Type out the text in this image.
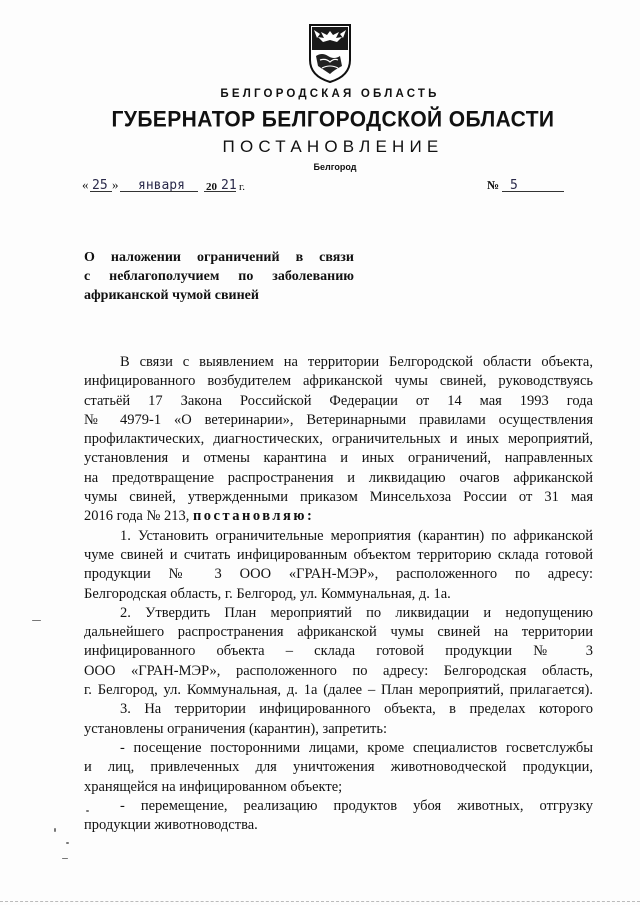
БЕЛГОРОДСКАЯ ОБЛАСТЬ
ГУБЕРНАТОР БЕЛГОРОДСКОЙ ОБЛАСТИ
ПОСТАНОВЛЕНИЕ
Белгород
« 25 » января 20 21 г.	№ 5
О наложении ограничений в связи
с неблагополучием по заболеванию
африканской чумой свиней
В связи с выявлением на территории Белгородской области объекта,
инфицированного возбудителем африканской чумы свиней, руководствуясь
статьёй 17 Закона Российской Федерации от 14 мая 1993 года
№ 4979-1 «О ветеринарии», Ветеринарными правилами осуществления
профилактических, диагностических, ограничительных и иных мероприятий,
установления и отмены карантина и иных ограничений, направленных
на предотвращение распространения и ликвидацию очагов африканской
чумы свиней, утвержденными приказом Минсельхоза России от 31 мая
2016 года № 213, постановляю:
1. Установить ограничительные мероприятия (карантин) по африканской
чуме свиней и считать инфицированным объектом территорию склада готовой
продукции № 3 ООО «ГРАН-МЭР», расположенного по адресу:
Белгородская область, г. Белгород, ул. Коммунальная, д. 1а.
2. Утвердить План мероприятий по ликвидации и недопущению
дальнейшего распространения африканской чумы свиней на территории
инфицированного объекта – склада готовой продукции № 3
ООО «ГРАН-МЭР», расположенного по адресу: Белгородская область,
г. Белгород, ул. Коммунальная, д. 1а (далее – План мероприятий, прилагается).
3. На территории инфицированного объекта, в пределах которого
установлены ограничения (карантин), запретить:
- посещение посторонними лицами, кроме специалистов госветслужбы
и лиц, привлеченных для уничтожения животноводческой продукции,
хранящейся на инфицированном объекте;
- перемещение, реализацию продуктов убоя животных, отгрузку
продукции животноводства.
